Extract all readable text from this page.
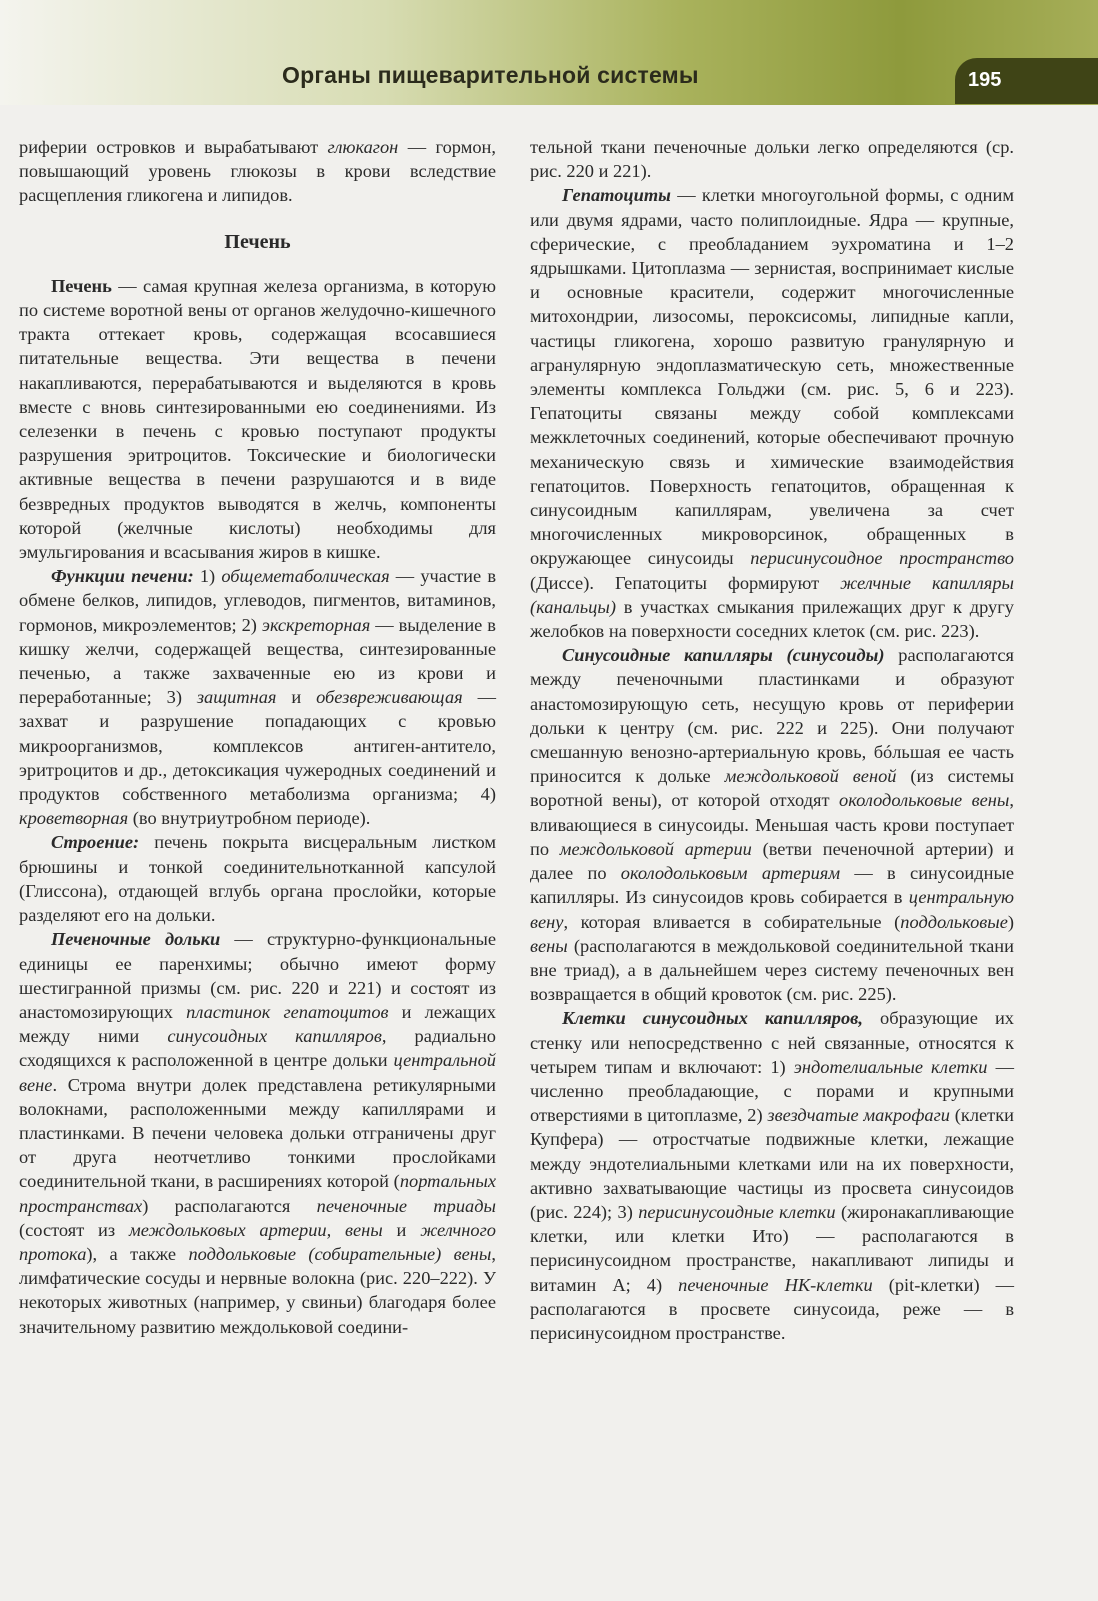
Органы пищеварительной системы	195

риферии островков и вырабатывают глюкагон — гормон, повышающий уровень глюкозы в крови вследствие расщепления гликогена и липидов.

Печень

Печень — самая крупная железа организма, в которую по системе воротной вены от органов желудочно-кишечного тракта оттекает кровь, содержащая всосавшиеся питательные вещества. Эти вещества в печени накапливаются, перерабатываются и выделяются в кровь вместе с вновь синтезированными ею соединениями. Из селезенки в печень с кровью поступают продукты разрушения эритроцитов. Токсические и биологически активные вещества в печени разрушаются и в виде безвредных продуктов выводятся в желчь, компоненты которой (желчные кислоты) необходимы для эмульгирования и всасывания жиров в кишке.

Функции печени: 1) общеметаболическая — участие в обмене белков, липидов, углеводов, пигментов, витаминов, гормонов, микроэлементов; 2) экскреторная — выделение в кишку желчи, содержащей вещества, синтезированные печенью, а также захваченные ею из крови и переработанные; 3) защитная и обезвреживающая — захват и разрушение попадающих с кровью микроорганизмов, комплексов антиген-антитело, эритроцитов и др., детоксикация чужеродных соединений и продуктов собственного метаболизма организма; 4) кроветворная (во внутриутробном периоде).

Строение: печень покрыта висцеральным листком брюшины и тонкой соединительнотканной капсулой (Глиссона), отдающей вглубь органа прослойки, которые разделяют его на дольки.

Печеночные дольки — структурно-функциональные единицы ее паренхимы; обычно имеют форму шестигранной призмы (см. рис. 220 и 221) и состоят из анастомозирующих пластинок гепатоцитов и лежащих между ними синусоидных капилляров, радиально сходящихся к расположенной в центре дольки центральной вене. Строма внутри долек представлена ретикулярными волокнами, расположенными между капиллярами и пластинками. В печени человека дольки отграничены друг от друга неотчетливо тонкими прослойками соединительной ткани, в расширениях которой (портальных пространствах) располагаются печеночные триады (состоят из междольковых артерии, вены и желчного протока), а также поддольковые (собирательные) вены, лимфатические сосуды и нервные волокна (рис. 220–222). У некоторых животных (например, у свиньи) благодаря более значительному развитию междольковой соедини-

тельной ткани печеночные дольки легко определяются (ср. рис. 220 и 221).

Гепатоциты — клетки многоугольной формы, с одним или двумя ядрами, часто полиплоидные. Ядра — крупные, сферические, с преобладанием эухроматина и 1–2 ядрышками. Цитоплазма — зернистая, воспринимает кислые и основные красители, содержит многочисленные митохондрии, лизосомы, пероксисомы, липидные капли, частицы гликогена, хорошо развитую гранулярную и агранулярную эндоплазматическую сеть, множественные элементы комплекса Гольджи (см. рис. 5, 6 и 223). Гепатоциты связаны между собой комплексами межклеточных соединений, которые обеспечивают прочную механическую связь и химические взаимодействия гепатоцитов. Поверхность гепатоцитов, обращенная к синусоидным капиллярам, увеличена за счет многочисленных микроворсинок, обращенных в окружающее синусоиды перисинусоидное пространство (Диссе). Гепатоциты формируют желчные капилляры (канальцы) в участках смыкания прилежащих друг к другу желобков на поверхности соседних клеток (см. рис. 223).

Синусоидные капилляры (синусоиды) располагаются между печеночными пластинками и образуют анастомозирующую сеть, несущую кровь от периферии дольки к центру (см. рис. 222 и 225). Они получают смешанную венозно-артериальную кровь, бóльшая ее часть приносится к дольке междольковой веной (из системы воротной вены), от которой отходят околодольковые вены, вливающиеся в синусоиды. Меньшая часть крови поступает по междольковой артерии (ветви печеночной артерии) и далее по околодольковым артериям — в синусоидные капилляры. Из синусоидов кровь собирается в центральную вену, которая вливается в собирательные (поддольковые) вены (располагаются в междольковой соединительной ткани вне триад), а в дальнейшем через систему печеночных вен возвращается в общий кровоток (см. рис. 225).

Клетки синусоидных капилляров, образующие их стенку или непосредственно с ней связанные, относятся к четырем типам и включают: 1) эндотелиальные клетки — численно преобладающие, с порами и крупными отверстиями в цитоплазме, 2) звездчатые макрофаги (клетки Купфера) — отростчатые подвижные клетки, лежащие между эндотелиальными клетками или на их поверхности, активно захватывающие частицы из просвета синусоидов (рис. 224); 3) перисинусоидные клетки (жиронакапливающие клетки, или клетки Ито) — располагаются в перисинусоидном пространстве, накапливают липиды и витамин А; 4) печеночные НК-клетки (pit-клетки) — располагаются в просвете синусоида, реже — в перисинусоидном пространстве.
